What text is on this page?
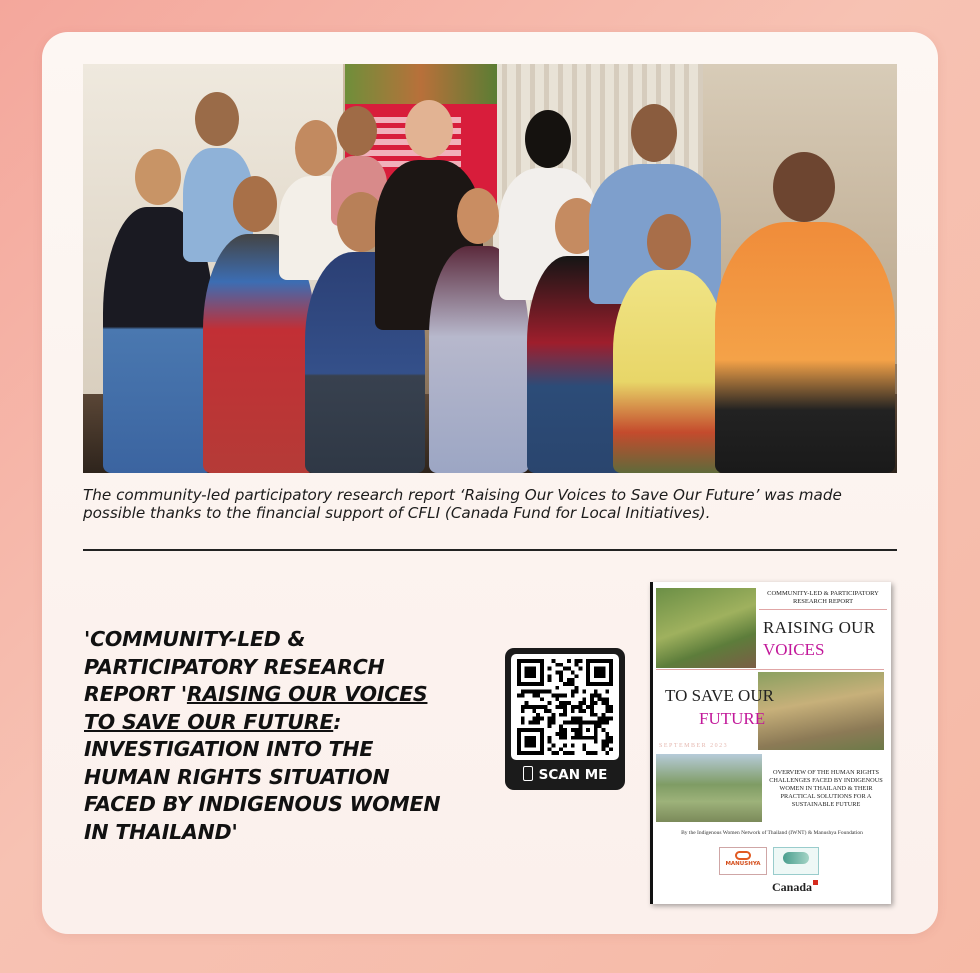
The community-led participatory research report ‘Raising Our Voices to Save Our Future’ was made possible thanks to the financial support of CFLI (Canada Fund for Local Initiatives).
'COMMUNITY-LED & PARTICIPATORY RESEARCH REPORT 'RAISING OUR VOICES TO SAVE OUR FUTURE: INVESTIGATION INTO THE HUMAN RIGHTS SITUATION FACED BY INDIGENOUS WOMEN IN THAILAND'
SCAN ME
COMMUNITY-LED & PARTICIPATORY RESEARCH REPORT
RAISING OUR
VOICES
TO SAVE OUR
FUTURE
SEPTEMBER 2023
OVERVIEW OF THE HUMAN RIGHTS CHALLENGES FACED BY INDIGENOUS WOMEN IN THAILAND & THEIR PRACTICAL SOLUTIONS FOR A SUSTAINABLE FUTURE
By the Indigenous Women Network of Thailand (IWNT) & Manushya Foundation
MANUSHYA
Canada
